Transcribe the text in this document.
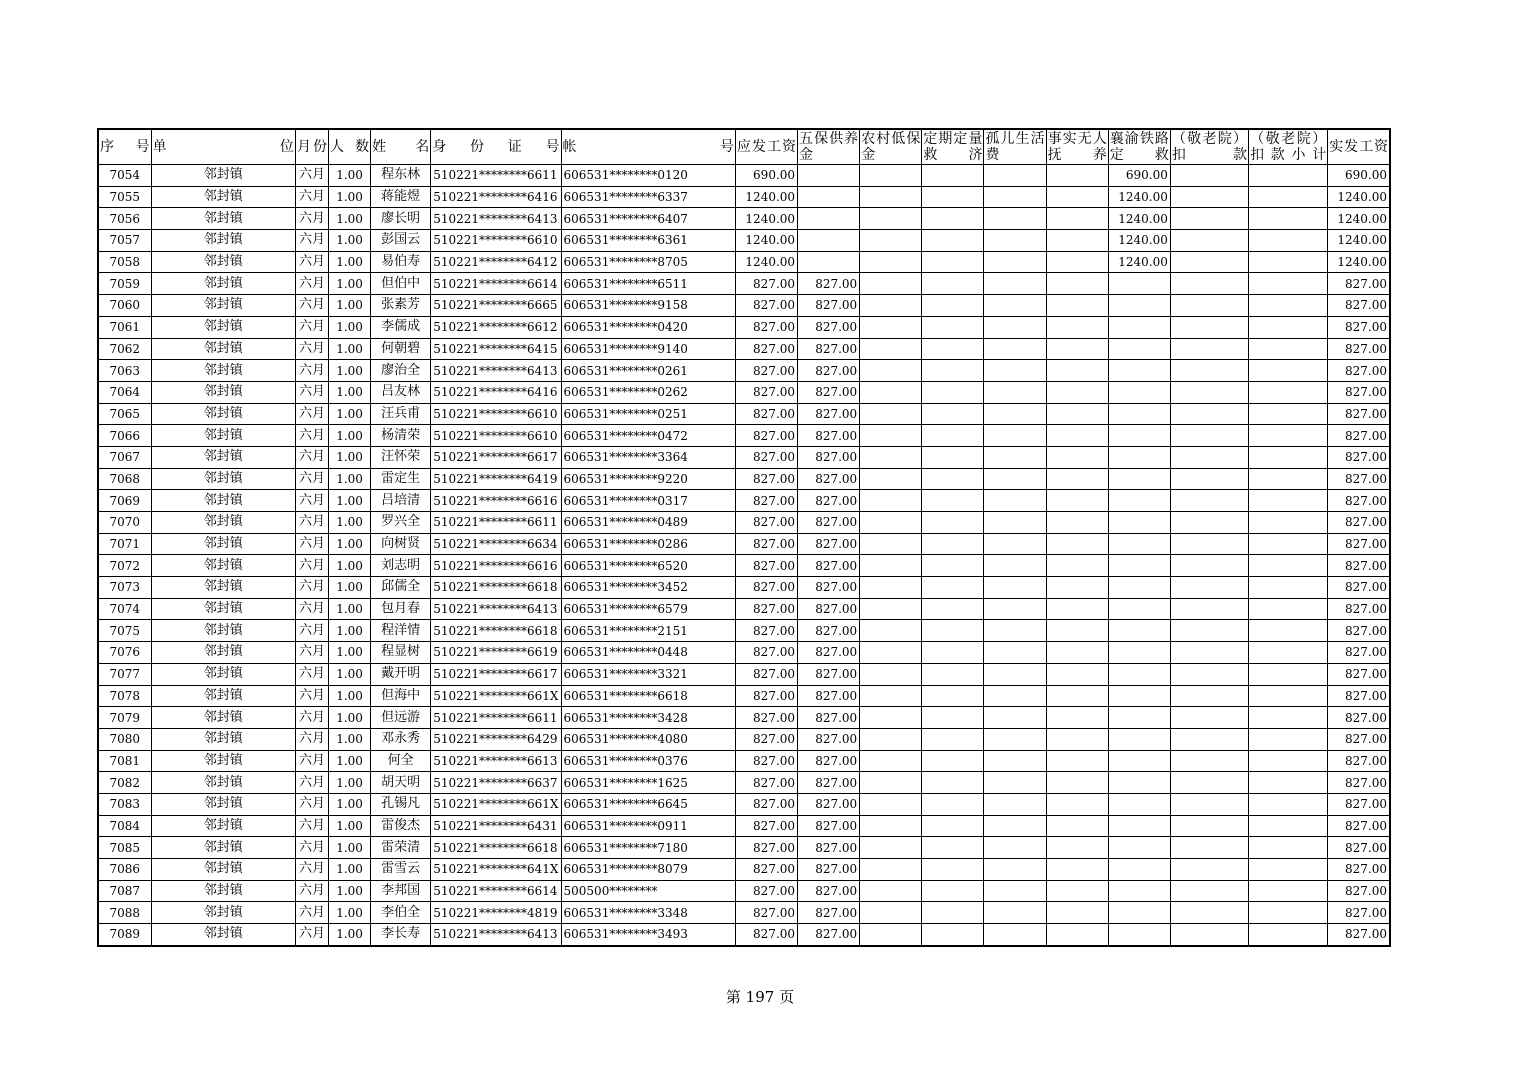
序　号	单　位	月份	人数	姓　名	身　份　证　号	帐　号	应发工资	五保供养金	农村低保金	定期定量救济	孤儿生活费	事实无人抚养	襄渝铁路定救	（敬老院）扣款	（敬老院）扣款小计	实发工资
7054	邻封镇	六月	1.00	程东林	510221********6611	606531********0120	690.00						690.00			690.00
7055	邻封镇	六月	1.00	蒋能煜	510221********6416	606531********6337	1240.00						1240.00			1240.00
7056	邻封镇	六月	1.00	廖长明	510221********6413	606531********6407	1240.00						1240.00			1240.00
7057	邻封镇	六月	1.00	彭国云	510221********6610	606531********6361	1240.00						1240.00			1240.00
7058	邻封镇	六月	1.00	易伯寿	510221********6412	606531********8705	1240.00						1240.00			1240.00
7059	邻封镇	六月	1.00	但伯中	510221********6614	606531********6511	827.00	827.00								827.00
7060	邻封镇	六月	1.00	张素芳	510221********6665	606531********9158	827.00	827.00								827.00
7061	邻封镇	六月	1.00	李儒成	510221********6612	606531********0420	827.00	827.00								827.00
7062	邻封镇	六月	1.00	何朝碧	510221********6415	606531********9140	827.00	827.00								827.00
7063	邻封镇	六月	1.00	廖治全	510221********6413	606531********0261	827.00	827.00								827.00
7064	邻封镇	六月	1.00	吕友林	510221********6416	606531********0262	827.00	827.00								827.00
7065	邻封镇	六月	1.00	汪兵甫	510221********6610	606531********0251	827.00	827.00								827.00
7066	邻封镇	六月	1.00	杨清荣	510221********6610	606531********0472	827.00	827.00								827.00
7067	邻封镇	六月	1.00	汪怀荣	510221********6617	606531********3364	827.00	827.00								827.00
7068	邻封镇	六月	1.00	雷定生	510221********6419	606531********9220	827.00	827.00								827.00
7069	邻封镇	六月	1.00	吕培清	510221********6616	606531********0317	827.00	827.00								827.00
7070	邻封镇	六月	1.00	罗兴全	510221********6611	606531********0489	827.00	827.00								827.00
7071	邻封镇	六月	1.00	向树贤	510221********6634	606531********0286	827.00	827.00								827.00
7072	邻封镇	六月	1.00	刘志明	510221********6616	606531********6520	827.00	827.00								827.00
7073	邻封镇	六月	1.00	邱儒全	510221********6618	606531********3452	827.00	827.00								827.00
7074	邻封镇	六月	1.00	包月春	510221********6413	606531********6579	827.00	827.00								827.00
7075	邻封镇	六月	1.00	程洋情	510221********6618	606531********2151	827.00	827.00								827.00
7076	邻封镇	六月	1.00	程显树	510221********6619	606531********0448	827.00	827.00								827.00
7077	邻封镇	六月	1.00	戴开明	510221********6617	606531********3321	827.00	827.00								827.00
7078	邻封镇	六月	1.00	但海中	510221********661X	606531********6618	827.00	827.00								827.00
7079	邻封镇	六月	1.00	但远游	510221********6611	606531********3428	827.00	827.00								827.00
7080	邻封镇	六月	1.00	邓永秀	510221********6429	606531********4080	827.00	827.00								827.00
7081	邻封镇	六月	1.00	何全	510221********6613	606531********0376	827.00	827.00								827.00
7082	邻封镇	六月	1.00	胡天明	510221********6637	606531********1625	827.00	827.00								827.00
7083	邻封镇	六月	1.00	孔锡凡	510221********661X	606531********6645	827.00	827.00								827.00
7084	邻封镇	六月	1.00	雷俊杰	510221********6431	606531********0911	827.00	827.00								827.00
7085	邻封镇	六月	1.00	雷荣清	510221********6618	606531********7180	827.00	827.00								827.00
7086	邻封镇	六月	1.00	雷雪云	510221********641X	606531********8079	827.00	827.00								827.00
7087	邻封镇	六月	1.00	李邦国	510221********6614	500500********	827.00	827.00								827.00
7088	邻封镇	六月	1.00	李伯全	510221********4819	606531********3348	827.00	827.00								827.00
7089	邻封镇	六月	1.00	李长寿	510221********6413	606531********3493	827.00	827.00								827.00
第 197 页
